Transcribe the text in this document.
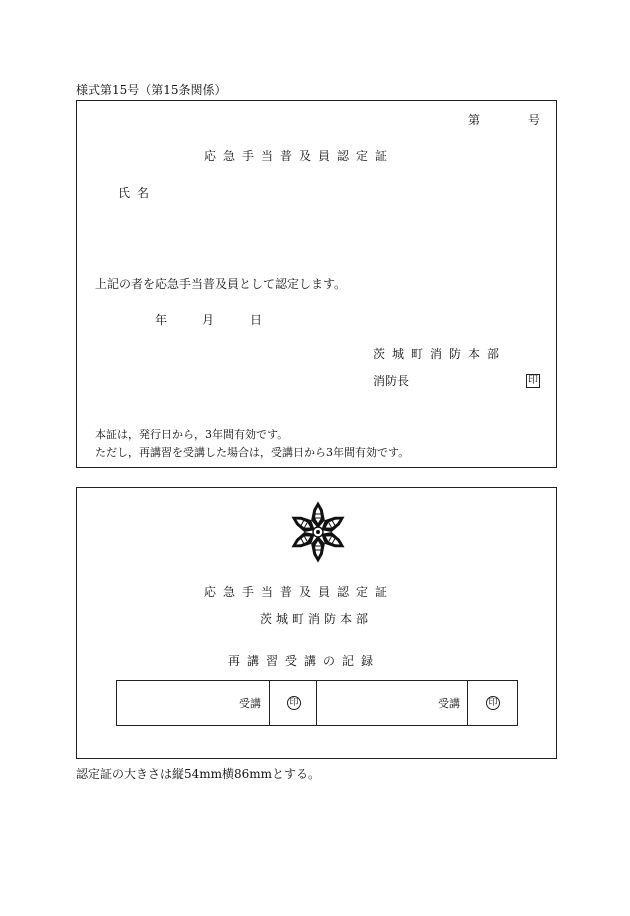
様式第15号（第15条関係）
第	号
応急手当普及員認定証
氏名
上記の者を応急手当普及員として認定します。
年	月	日
茨城町消防本部
消防長	印
本証は，発行日から，3年間有効です。
ただし，再講習を受講した場合は，受講日から3年間有効です。
応急手当普及員認定証
茨城町消防本部
再講習受講の記録
受講	印	受講	印
認定証の大きさは縦54mm横86mmとする。
